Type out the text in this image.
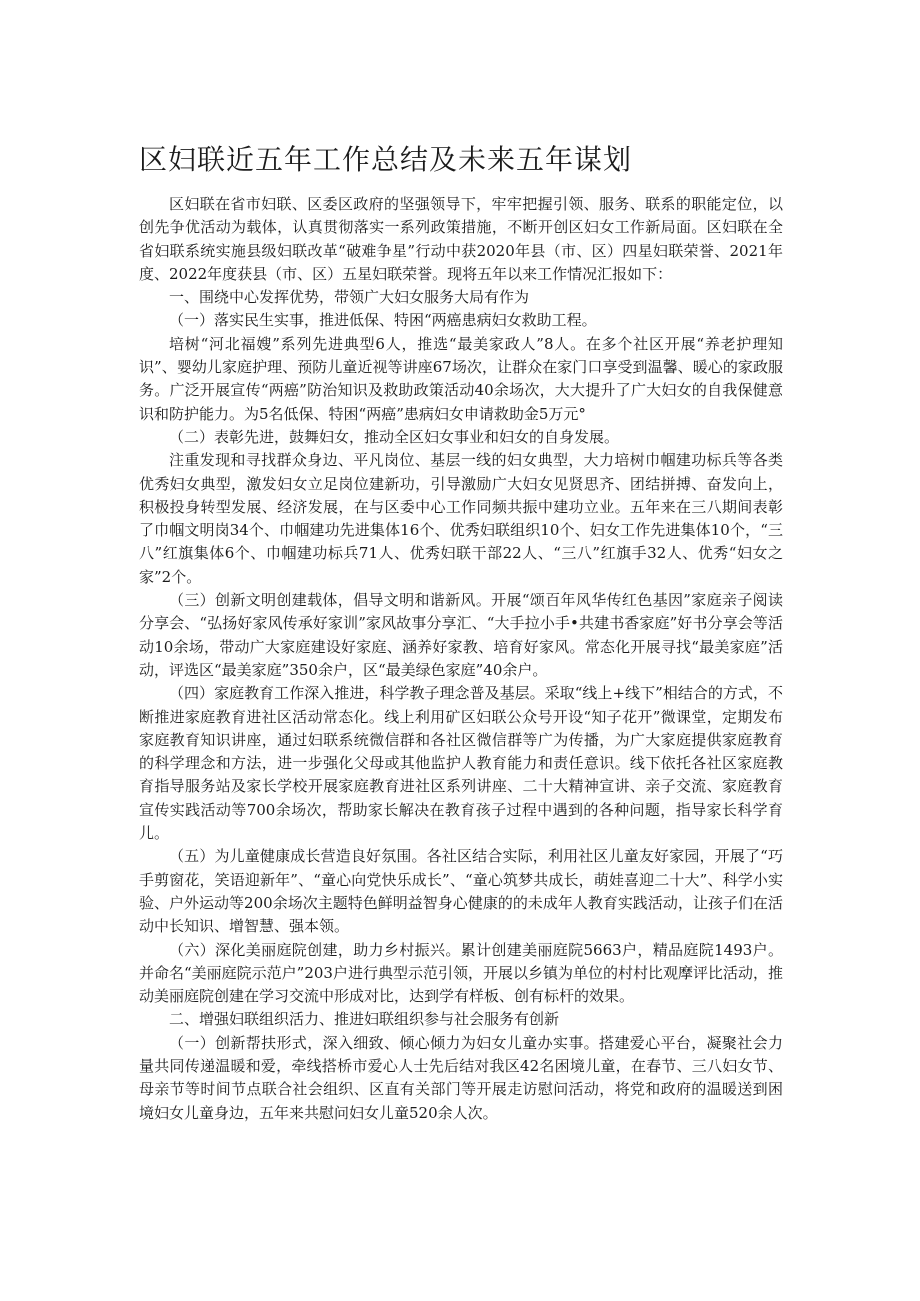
区妇联近五年工作总结及未来五年谋划

区妇联在省市妇联、区委区政府的坚强领导下，牢牢把握引领、服务、联系的职能定位，以创先争优活动为载体，认真贯彻落实一系列政策措施，不断开创区妇女工作新局面。区妇联在全省妇联系统实施县级妇联改革“破难争星”行动中获2020年县（市、区）四星妇联荣誉、2021年度、2022年度获县（市、区）五星妇联荣誉。现将五年以来工作情况汇报如下：

一、围绕中心发挥优势，带领广大妇女服务大局有作为

（一）落实民生实事，推进低保、特困“两癌患病妇女救助工程。

培树“河北福嫂”系列先进典型6人，推选“最美家政人”8人。在多个社区开展“养老护理知识”、婴幼儿家庭护理、预防儿童近视等讲座67场次，让群众在家门口享受到温馨、暖心的家政服务。广泛开展宣传“两癌”防治知识及救助政策活动40余场次，大大提升了广大妇女的自我保健意识和防护能力。为5名低保、特困“两癌”患病妇女申请救助金5万元°

（二）表彰先进，鼓舞妇女，推动全区妇女事业和妇女的自身发展。

注重发现和寻找群众身边、平凡岗位、基层一线的妇女典型，大力培树巾帼建功标兵等各类优秀妇女典型，激发妇女立足岗位建新功，引导激励广大妇女见贤思齐、团结拼搏、奋发向上，积极投身转型发展、经济发展，在与区委中心工作同频共振中建功立业。五年来在三八期间表彰了巾帼文明岗34个、巾帼建功先进集体16个、优秀妇联组织10个、妇女工作先进集体10个，“三八”红旗集体6个、巾帼建功标兵71人、优秀妇联干部22人、“三八”红旗手32人、优秀“妇女之家”2个。

（三）创新文明创建载体，倡导文明和谐新风。开展“颂百年风华传红色基因”家庭亲子阅读分享会、“弘扬好家风传承好家训”家风故事分享汇、“大手拉小手•共建书香家庭”好书分享会等活动10余场，带动广大家庭建设好家庭、涵养好家教、培育好家风。常态化开展寻找“最美家庭”活动，评选区“最美家庭”350余户，区“最美绿色家庭”40余户。

（四）家庭教育工作深入推进，科学教子理念普及基层。采取“线上+线下”相结合的方式，不断推进家庭教育进社区活动常态化。线上利用矿区妇联公众号开设“知子花开”微课堂，定期发布家庭教育知识讲座，通过妇联系统微信群和各社区微信群等广为传播，为广大家庭提供家庭教育的科学理念和方法，进一步强化父母或其他监护人教育能力和责任意识。线下依托各社区家庭教育指导服务站及家长学校开展家庭教育进社区系列讲座、二十大精神宣讲、亲子交流、家庭教育宣传实践活动等700余场次，帮助家长解决在教育孩子过程中遇到的各种问题，指导家长科学育儿。

（五）为儿童健康成长营造良好氛围。各社区结合实际，利用社区儿童友好家园，开展了“巧手剪窗花，笑语迎新年”、“童心向党快乐成长”、“童心筑梦共成长，萌娃喜迎二十大”、科学小实验、户外运动等200余场次主题特色鲜明益智身心健康的的未成年人教育实践活动，让孩子们在活动中长知识、增智慧、强本领。

（六）深化美丽庭院创建，助力乡村振兴。累计创建美丽庭院5663户，精品庭院1493户。并命名“美丽庭院示范户”203户进行典型示范引领，开展以乡镇为单位的村村比观摩评比活动，推动美丽庭院创建在学习交流中形成对比，达到学有样板、创有标杆的效果。

二、增强妇联组织活力、推进妇联组织参与社会服务有创新

（一）创新帮扶形式，深入细致、倾心倾力为妇女儿童办实事。搭建爱心平台，凝聚社会力量共同传递温暖和爱，牵线搭桥市爱心人士先后结对我区42名困境儿童，在春节、三八妇女节、母亲节等时间节点联合社会组织、区直有关部门等开展走访慰问活动，将党和政府的温暖送到困境妇女儿童身边，五年来共慰问妇女儿童520余人次。
